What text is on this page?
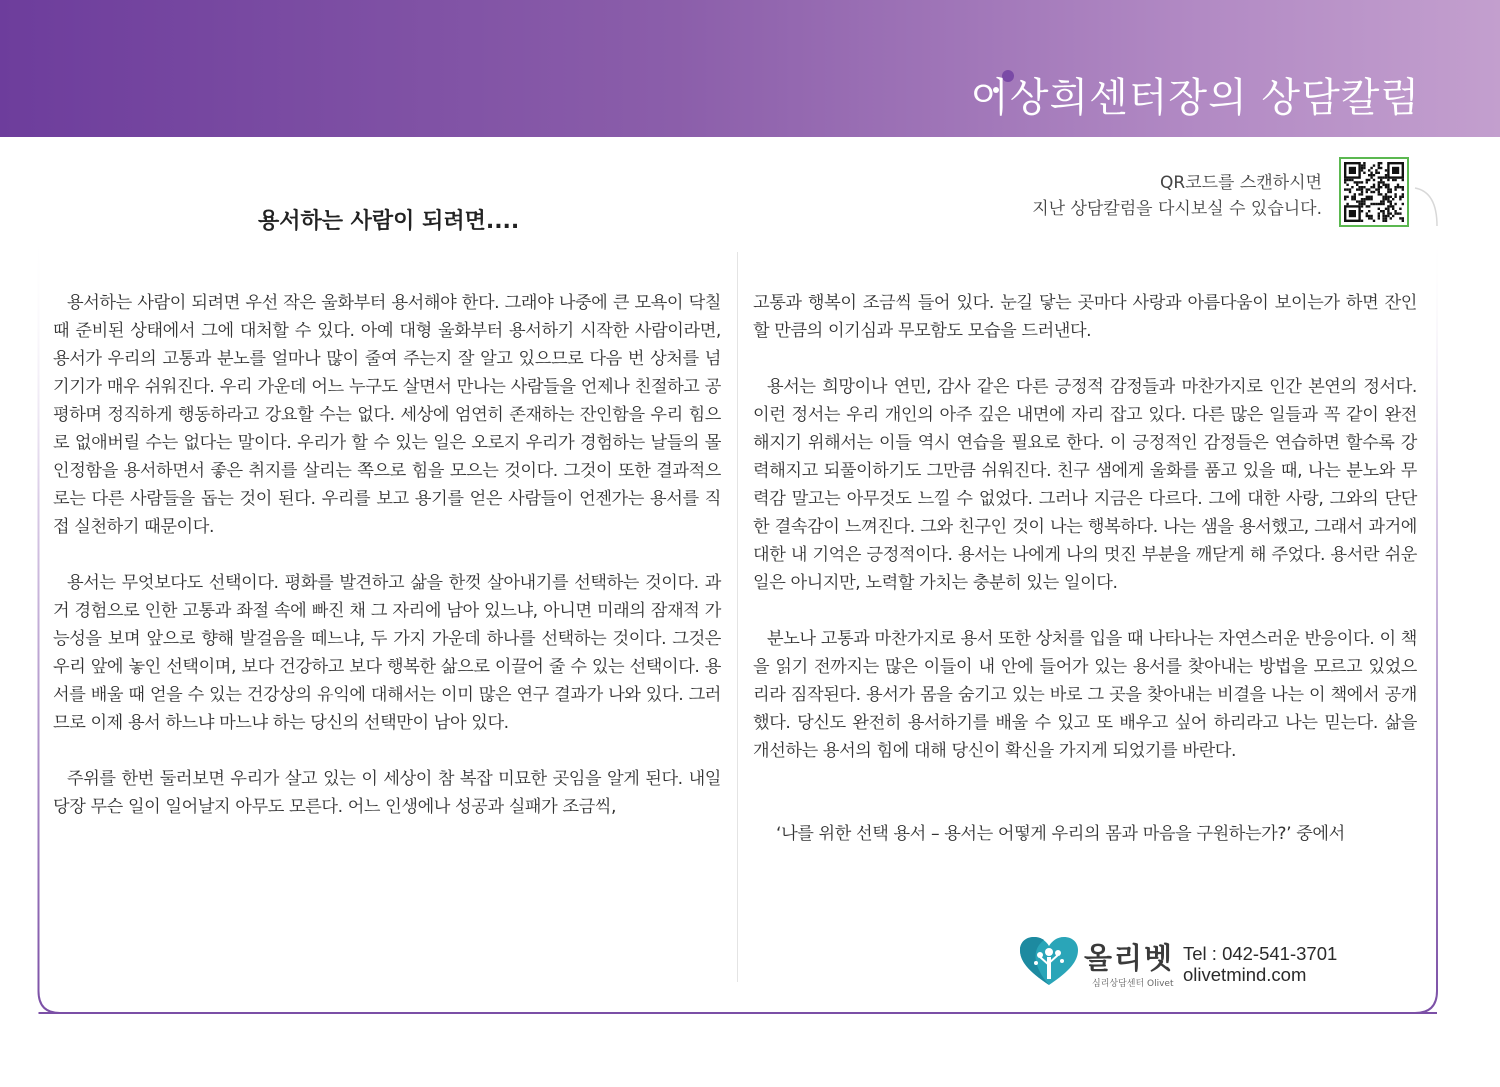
이상희센터장의 상담칼럼
QR코드를 스캔하시면
지난 상담칼럼을 다시보실 수 있습니다.
용서하는 사람이 되려면....

용서하는 사람이 되려면 우선 작은 울화부터 용서해야 한다. 그래야 나중에 큰 모욕이 닥칠 때 준비된 상태에서 그에 대처할 수 있다. 아예 대형 울화부터 용서하기 시작한 사람이라면, 용서가 우리의 고통과 분노를 얼마나 많이 줄여 주는지 잘 알고 있으므로 다음 번 상처를 넘기기가 매우 쉬워진다. 우리 가운데 어느 누구도 살면서 만나는 사람들을 언제나 친절하고 공평하며 정직하게 행동하라고 강요할 수는 없다. 세상에 엄연히 존재하는 잔인함을 우리 힘으로 없애버릴 수는 없다는 말이다. 우리가 할 수 있는 일은 오로지 우리가 경험하는 날들의 몰인정함을 용서하면서 좋은 취지를 살리는 쪽으로 힘을 모으는 것이다. 그것이 또한 결과적으로는 다른 사람들을 돕는 것이 된다. 우리를 보고 용기를 얻은 사람들이 언젠가는 용서를 직접 실천하기 때문이다.

용서는 무엇보다도 선택이다. 평화를 발견하고 삶을 한껏 살아내기를 선택하는 것이다. 과거 경험으로 인한 고통과 좌절 속에 빠진 채 그 자리에 남아 있느냐, 아니면 미래의 잠재적 가능성을 보며 앞으로 향해 발걸음을 떼느냐, 두 가지 가운데 하나를 선택하는 것이다. 그것은 우리 앞에 놓인 선택이며, 보다 건강하고 보다 행복한 삶으로 이끌어 줄 수 있는 선택이다. 용서를 배울 때 얻을 수 있는 건강상의 유익에 대해서는 이미 많은 연구 결과가 나와 있다. 그러므로 이제 용서 하느냐 마느냐 하는 당신의 선택만이 남아 있다.

주위를 한번 둘러보면 우리가 살고 있는 이 세상이 참 복잡 미묘한 곳임을 알게 된다. 내일 당장 무슨 일이 일어날지 아무도 모른다. 어느 인생에나 성공과 실패가 조금씩,

고통과 행복이 조금씩 들어 있다. 눈길 닿는 곳마다 사랑과 아름다움이 보이는가 하면 잔인할 만큼의 이기심과 무모함도 모습을 드러낸다.

용서는 희망이나 연민, 감사 같은 다른 긍정적 감정들과 마찬가지로 인간 본연의 정서다. 이런 정서는 우리 개인의 아주 깊은 내면에 자리 잡고 있다. 다른 많은 일들과 꼭 같이 완전해지기 위해서는 이들 역시 연습을 필요로 한다. 이 긍정적인 감정들은 연습하면 할수록 강력해지고 되풀이하기도 그만큼 쉬워진다. 친구 샘에게 울화를 품고 있을 때, 나는 분노와 무력감 말고는 아무것도 느낄 수 없었다. 그러나 지금은 다르다. 그에 대한 사랑, 그와의 단단한 결속감이 느껴진다. 그와 친구인 것이 나는 행복하다. 나는 샘을 용서했고, 그래서 과거에 대한 내 기억은 긍정적이다. 용서는 나에게 나의 멋진 부분을 깨닫게 해 주었다. 용서란 쉬운 일은 아니지만, 노력할 가치는 충분히 있는 일이다.

분노나 고통과 마찬가지로 용서 또한 상처를 입을 때 나타나는 자연스러운 반응이다. 이 책을 읽기 전까지는 많은 이들이 내 안에 들어가 있는 용서를 찾아내는 방법을 모르고 있었으리라 짐작된다. 용서가 몸을 숨기고 있는 바로 그 곳을 찾아내는 비결을 나는 이 책에서 공개했다. 당신도 완전히 용서하기를 배울 수 있고 또 배우고 싶어 하리라고 나는 믿는다. 삶을 개선하는 용서의 힘에 대해 당신이 확신을 가지게 되었기를 바란다.

‘나를 위한 선택 용서 – 용서는 어떻게 우리의 몸과 마음을 구원하는가?’ 중에서
올리벳
심리상담센터 Olivet
Tel : 042-541-3701
olivetmind.com
